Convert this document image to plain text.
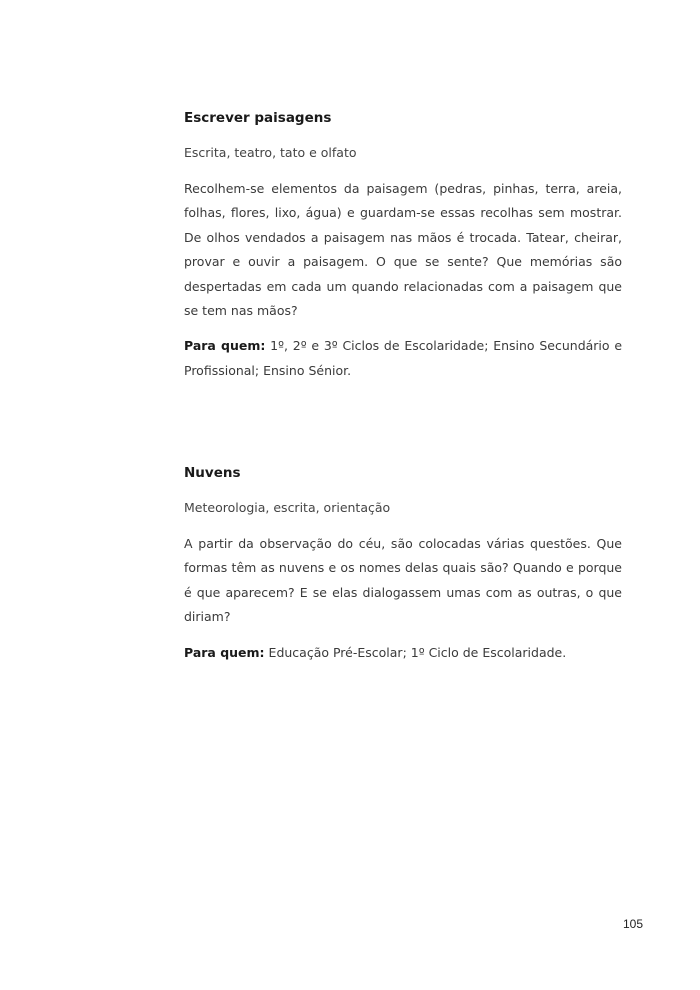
Escrever paisagens

Escrita, teatro, tato e olfato

Recolhem-se elementos da paisagem (pedras, pinhas, terra, areia, folhas, flores, lixo, água) e guardam-se essas recolhas sem mostrar. De olhos vendados a paisagem nas mãos é trocada. Tatear, cheirar, provar e ouvir a paisagem. O que se sente? Que memórias são despertadas em cada um quando relacionadas com a paisagem que se tem nas mãos?

Para quem: 1º, 2º e 3º Ciclos de Escolaridade; Ensino Secundário e Profissional; Ensino Sénior.

Nuvens

Meteorologia, escrita, orientação

A partir da observação do céu, são colocadas várias questões. Que formas têm as nuvens e os nomes delas quais são? Quando e porque é que aparecem? E se elas dialogassem umas com as outras, o que diriam?

Para quem: Educação Pré-Escolar; 1º Ciclo de Escolaridade.

105
